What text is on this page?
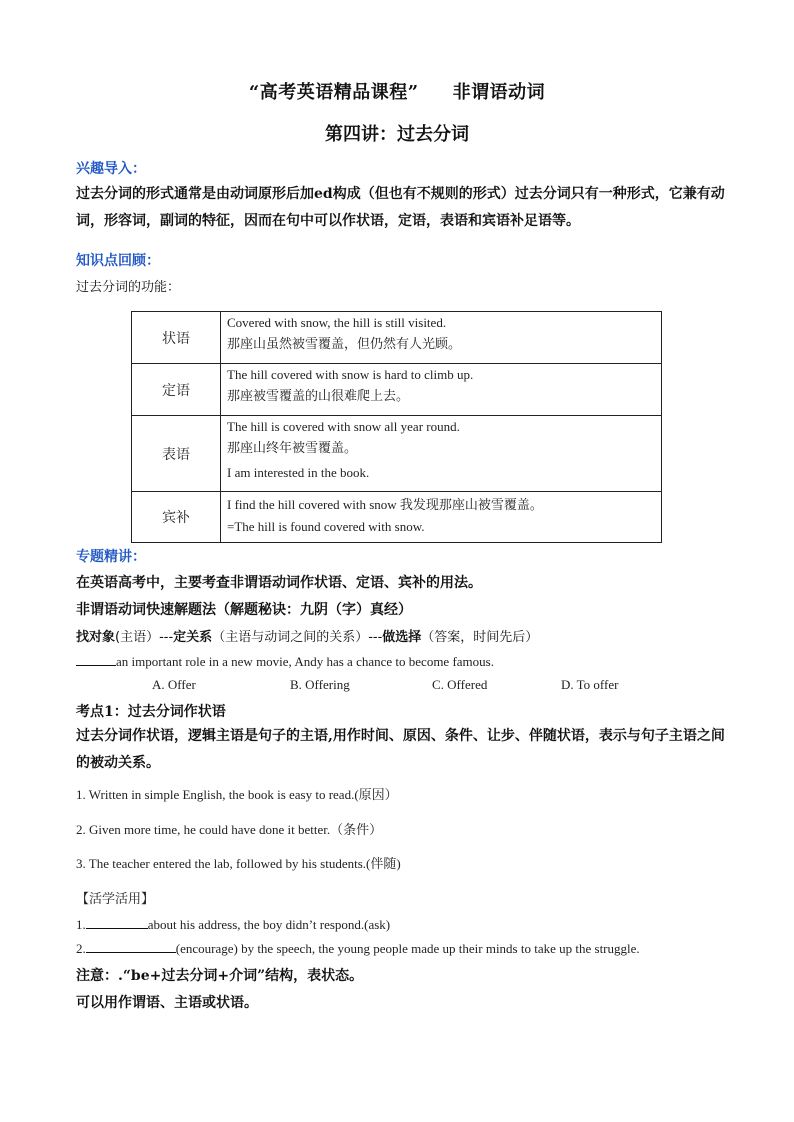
“高考英语精品课程” 非谓语动词
第四讲：过去分词
兴趣导入：
过去分词的形式通常是由动词原形后加ed构成（但也有不规则的形式）过去分词只有一种形式，它兼有动词，形容词，副词的特征，因而在句中可以作状语，定语，表语和宾语补足语等。
知识点回顾：
过去分词的功能：
状语	Covered with snow, the hill is still visited.
那座山虽然被雪覆盖，但仍然有人光顾。

定语	The hill covered with snow is hard to climb up.
那座被雪覆盖的山很难爬上去。

表语	The hill is covered with snow all year round.
那座山终年被雪覆盖。
I am interested in the book.

宾补	I find the hill covered with snow 我发现那座山被雪覆盖。
=The hill is found covered with snow.
专题精讲：
在英语高考中，主要考查非谓语动词作状语、定语、宾补的用法。
非谓语动词快速解题法（解题秘诀：九阴（字）真经）
找对象(主语）---定关系（主语与动词之间的关系）---做选择（答案，时间先后）
an important role in a new movie, Andy has a chance to become famous.
A. Offer	B. Offering	C. Offered	D. To offer
考点1：过去分词作状语
过去分词作状语，逻辑主语是句子的主语,用作时间、原因、条件、让步、伴随状语，表示与句子主语之间的被动关系。
1. Written in simple English, the book is easy to read.(原因）
2. Given more time, he could have done it better.（条件）
3. The teacher entered the lab, followed by his students.(伴随)
【活学活用】
1.	about his address, the boy didn’t respond.(ask)
2.	(encourage) by the speech, the young people made up their minds to take up the struggle.
注意：.“be+过去分词+介词”结构，表状态。
可以用作谓语、主语或状语。
